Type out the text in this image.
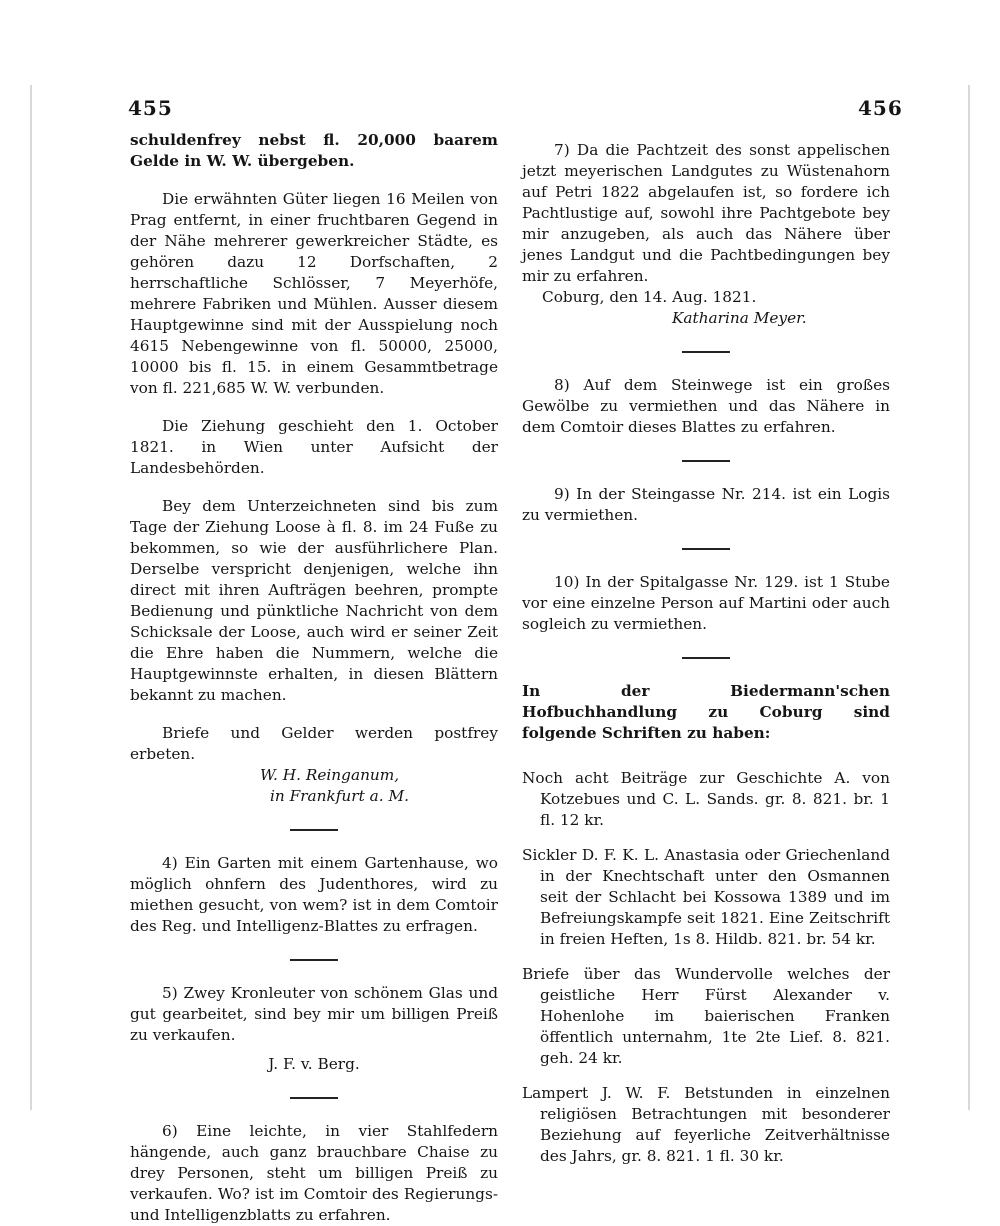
455	456

schuldenfrey nebst fl. 20,000 baarem Gelde in W. W. übergeben.

Die erwähnten Güter liegen 16 Meilen von Prag entfernt, in einer fruchtbaren Gegend in der Nähe mehrerer gewerkreicher Städte, es gehören dazu 12 Dorfschaften, 2 herrschaftliche Schlösser, 7 Meyerhöfe, mehrere Fabriken und Mühlen. Ausser diesem Hauptgewinne sind mit der Ausspielung noch 4615 Nebengewinne von fl. 50000, 25000, 10000 bis fl. 15. in einem Gesammtbetrage von fl. 221,685 W. W. verbunden.

Die Ziehung geschieht den 1. October 1821. in Wien unter Aufsicht der Landesbehörden.

Bey dem Unterzeichneten sind bis zum Tage der Ziehung Loose à fl. 8. im 24 Fuße zu bekommen, so wie der ausführlichere Plan. Derselbe verspricht denjenigen, welche ihn direct mit ihren Aufträgen beehren, prompte Bedienung und pünktliche Nachricht von dem Schicksale der Loose, auch wird er seiner Zeit die Ehre haben die Nummern, welche die Hauptgewinnste erhalten, in diesen Blättern bekannt zu machen.

Briefe und Gelder werden postfrey erbeten.

W. H. Reinganum,

in Frankfurt a. M.

4) Ein Garten mit einem Gartenhause, wo möglich ohnfern des Judenthores, wird zu miethen gesucht, von wem? ist in dem Comtoir des Reg. und Intelligenz-Blattes zu erfragen.

5) Zwey Kronleuter von schönem Glas und gut gearbeitet, sind bey mir um billigen Preiß zu verkaufen.

J. F. v. Berg.

6) Eine leichte, in vier Stahlfedern hängende, auch ganz brauchbare Chaise zu drey Personen, steht um billigen Preiß zu verkaufen. Wo? ist im Comtoir des Regierungs- und Intelligenzblatts zu erfahren.

7) Da die Pachtzeit des sonst appelischen jetzt meyerischen Landgutes zu Wüstenahorn auf Petri 1822 abgelaufen ist, so fordere ich Pachtlustige auf, sowohl ihre Pachtgebote bey mir anzugeben, als auch das Nähere über jenes Landgut und die Pachtbedingungen bey mir zu erfahren.

Coburg, den 14. Aug. 1821.

Katharina Meyer.

8) Auf dem Steinwege ist ein großes Gewölbe zu vermiethen und das Nähere in dem Comtoir dieses Blattes zu erfahren.

9) In der Steingasse Nr. 214. ist ein Logis zu vermiethen.

10) In der Spitalgasse Nr. 129. ist 1 Stube vor eine einzelne Person auf Martini oder auch sogleich zu vermiethen.

In der Biedermann'schen Hofbuchhandlung zu Coburg sind folgende Schriften zu haben:

Noch acht Beiträge zur Geschichte A. von Kotzebues und C. L. Sands. gr. 8. 821. br. 1 fl. 12 kr.

Sickler D. F. K. L. Anastasia oder Griechenland in der Knechtschaft unter den Osmannen seit der Schlacht bei Kossowa 1389 und im Befreiungskampfe seit 1821. Eine Zeitschrift in freien Heften, 1s 8. Hildb. 821. br. 54 kr.

Briefe über das Wundervolle welches der geistliche Herr Fürst Alexander v. Hohenlohe im baierischen Franken öffentlich unternahm, 1te 2te Lief. 8. 821. geh. 24 kr.

Lampert J. W. F. Betstunden in einzelnen religiösen Betrachtungen mit besonderer Beziehung auf feyerliche Zeitverhältnisse des Jahrs, gr. 8. 821. 1 fl. 30 kr.
